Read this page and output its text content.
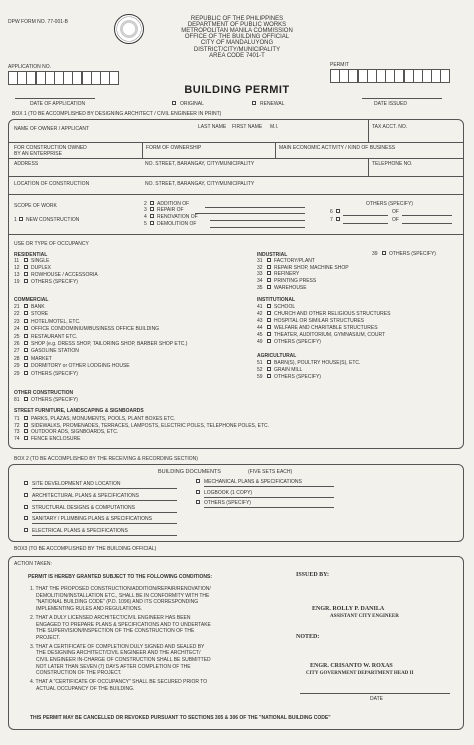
DPW FORM NO. 77-001-B	REPUBLIC OF THE PHILIPPINES
DEPARTMENT OF PUBLIC WORKS
METROPOLITAN MANILA COMMISSION
OFFICE OF THE BUILDING OFFICIAL
CITY OF MANDALUYONG
DISTRICT/CITY/MUNICIPALITY
AREA CODE 7401-T
APPLICATION NO.	PERMIT
BUILDING PERMIT
DATE OF APPLICATION	ORIGINAL	RENEWAL	DATE ISSUED
BOX 1 (TO BE ACCOMPLISHED BY DESIGNING ARCHITECT / CIVIL ENGINEER IN PRINT)
NAME OF OWNER / APPLICANT	LAST NAME FIRST NAME M.I.	TAX ACCT. NO.
FOR CONSTRUCTION OWNED
BY AN ENTERPRISE
FORM OF OWNERSHIP	MAIN ECONOMIC ACTIVITY / KIND OF BUSINESS
ADDRESS	NO. STREET, BARANGAY, CITY/MUNICIPALITY	TELEPHONE NO.
LOCATION OF CONSTRUCTION	NO. STREET, BARANGAY, CITY/MUNICIPALITY
SCOPE OF WORK
1 NEW CONSTRUCTION
2 ADDITION OF
3 REPAIR OF
4 RENOVATION OF
5 DEMOLITION OF
OTHERS (SPECIFY)
6	OF
7	OF
USE OR TYPE OF OCCUPANCY
RESIDENTIAL
11 SINGLE
12 DUPLEX
13 ROWHOUSE / ACCESSORIA
19 OTHERS (SPECIFY)
COMMERCIAL
OTHER CONSTRUCTION
81 OTHERS (SPECIFY)
STREET FURNITURE, LANDSCAPING & SIGNBOARDS
INDUSTRIAL	39 OTHERS (SPECIFY)
INSTITUTIONAL
AGRICULTURAL
BOX 2 (TO BE ACCOMPLISHED BY THE RECEIVING & RECORDING SECTION)
BUILDING DOCUMENTS	(FIVE SETS EACH)
BOX3 (TO BE ACCOMPLISHED BY THE BUILDING OFFICIAL)
ACTION TAKEN:
PERMIT IS HEREBY GRANTED SUBJECT TO THE FOLLOWING CONDITIONS:	ISSUED BY:
ENGR. ROLLY P. DANILA
ASSISTANT CITY ENGINEER
NOTED:
ENGR. CRISANTO W. ROXAS
CITY GOVERNMENT DEPARTMENT HEAD II
DATE
THIS PERMIT MAY BE CANCELLED OR REVOKED PURSUANT TO SECTIONS 305 & 306 OF THE "NATIONAL BUILDING CODE"
21 BANK
22 STORE
23 HOTEL/MOTEL, ETC.
24 OFFICE CONDOMINIUM/BUSINESS OFFICE BUILDING
25 RESTAURANT ETC.
26 SHOP (e.g. DRESS SHOP, TAILORING SHOP, BARBER SHOP ETC.)
27 GASOLINE STATION
28 MARKET
29 DORMITORY or OTHER LODGING HOUSE
29 OTHERS (SPECIFY)
71 PARKS, PLAZAS, MONUMENTS, POOLS, PLANT BOXES ETC.
72 SIDEWALKS, PROMENADES, TERRACES, LAMPOSTS, ELECTRIC POLES, TELEPHONE POLES, ETC.
73 OUTDOOR ADS, SIGNBOARDS, ETC.
74 FENCE ENCLOSURE
31 FACTORY/PLANT
32 REPAIR SHOP, MACHINE SHOP
33 REFINERY
34 PRINTING PRESS
35 WAREHOUSE
41 SCHOOL
42 CHURCH AND OTHER RELIGIOUS STRUCTURES
43 HOSPITAL OR SIMILAR STRUCTURES
44 WELFARE AND CHARITABLE STRUCTURES
45 THEATER, AUDITORIUM, GYMNASIUM, COURT
49 OTHERS (SPECIFY)
51 BARN(S), POULTRY HOUSE(S), ETC.
52 GRAIN MILL
59 OTHERS (SPECIFY)
SITE DEVELOPMENT AND LOCATION
ARCHITECTURAL PLANS & SPECIFICATIONS
STRUCTURAL DESIGNS & COMPUTATIONS
SANITARY / PLUMBING PLANS & SPECIFICATIONS
ELECTRICAL PLANS & SPECIFICATIONS
MECHANICAL PLANS & SPECIFICATIONS
LOGBOOK (1 COPY)
OTHERS (SPECIFY)
1. THAT THE PROPOSED CONSTRUCTION/ADDITION/REPAIR/RENOVATION/
DEMOLITION/INSTALLATION ETC., SHALL BE IN CONFORMITY WITH THE
"NATIONAL BUILDING CODE" (P.D. 1096) AND ITS CORRESPONDING
IMPLEMENTING RULES AND REGULATIONS.
2. THAT A DULY LICENSED ARCHITECT/CIVIL ENGINEER HAS BEEN
ENGAGED TO PREPARE PLANS & SPECIFICATIONS AND TO UNDERTAKE
THE SUPERVISION/INSPECTION OF THE CONSTRUCTION OF THE
PROJECT.
3. THAT A CERTIFICATE OF COMPLETION DULY SIGNED AND SEALED BY
THE DESIGNING ARCHITECT/CIVIL ENGINEER AND THE ARCHITECT/
CIVIL ENGINEER IN-CHARGE OF CONSTRUCTION SHALL BE SUBMITTED
NOT LATER THAN SEVEN (7) DAYS AFTER COMPLETION OF THE
CONSTRUCTION OF THE PROJECT.
4. THAT A "CERTIFICATE OF OCCUPANCY" SHALL BE SECURED PRIOR TO
ACTUAL OCCUPANCY OF THE BUILDING.
